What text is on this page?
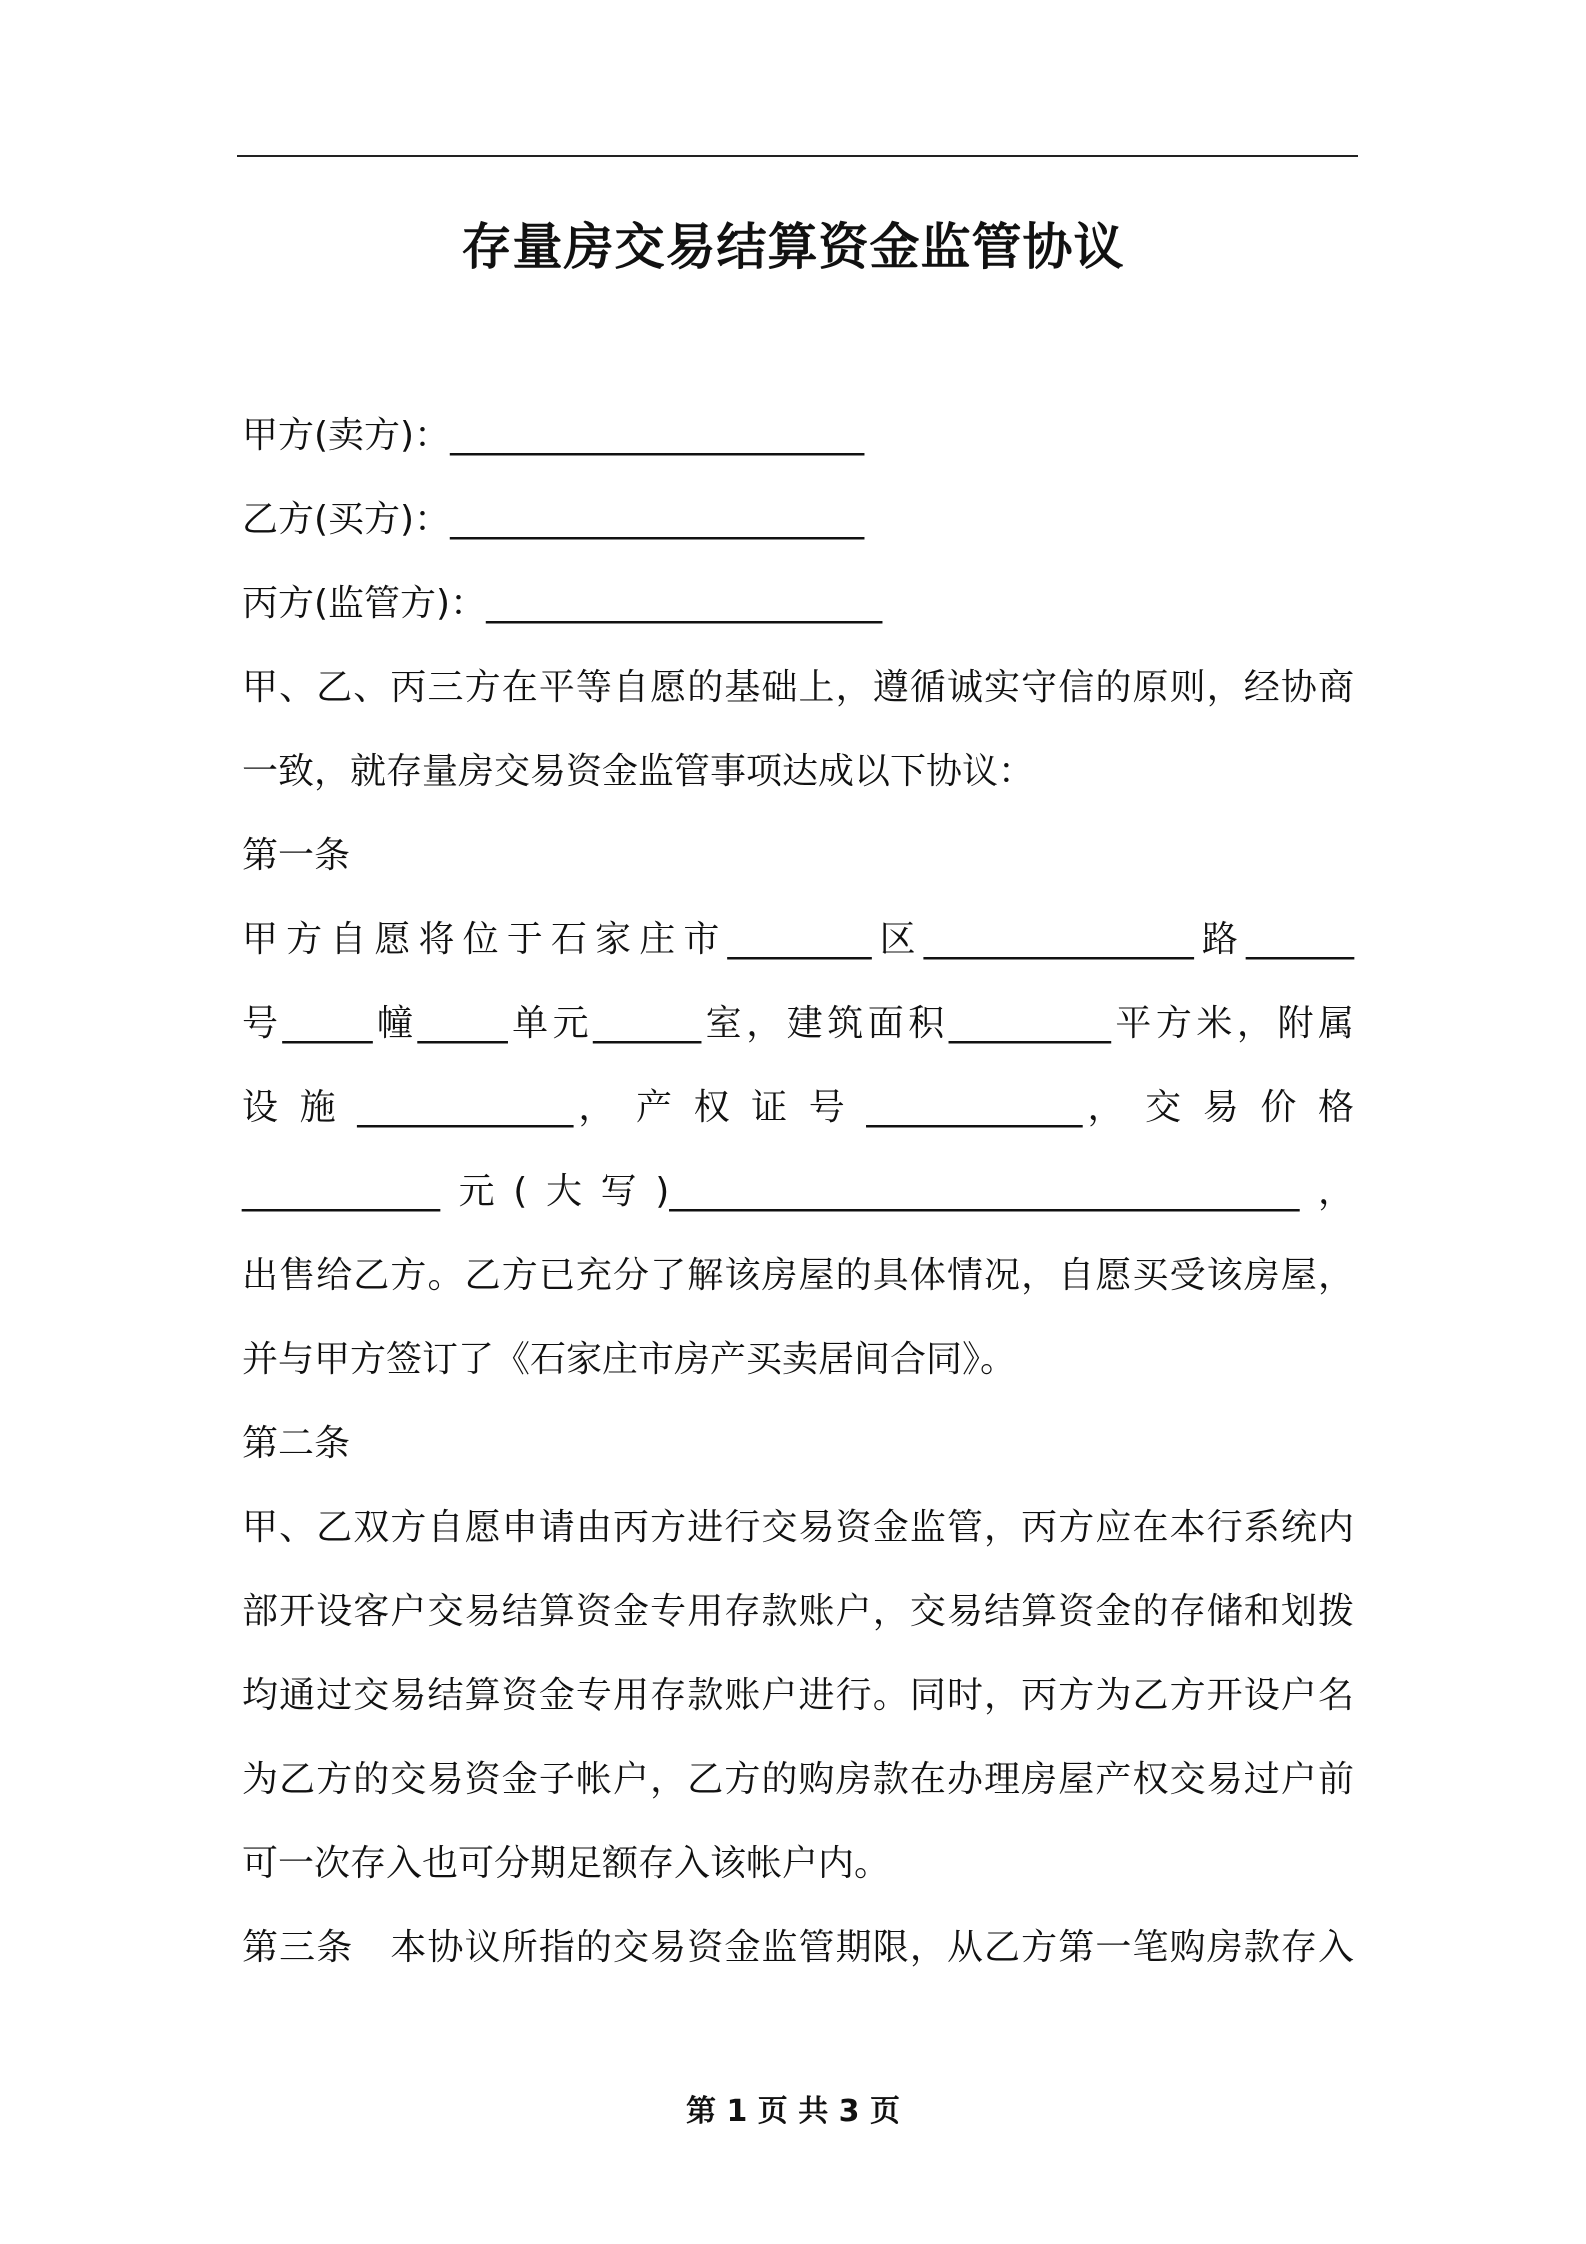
存量房交易结算资金监管协议

甲方(卖方)：_______________________

乙方(买方)：_______________________

丙方(监管方)：______________________

甲、乙、丙三方在平等自愿的基础上，遵循诚实守信的原则，经协商

一致，就存量房交易资金监管事项达成以下协议：

第一条

甲方自愿将位于石家庄市________区_______________路______

号_____幢_____单元______室，建筑面积_________平方米，附属

设 施 ____________， 产 权 证 号 ____________， 交 易 价 格

___________元(大写)___________________________________，

出售给乙方。乙方已充分了解该房屋的具体情况，自愿买受该房屋，

并与甲方签订了《石家庄市房产买卖居间合同》。

第二条

甲、乙双方自愿申请由丙方进行交易资金监管，丙方应在本行系统内

部开设客户交易结算资金专用存款账户，交易结算资金的存储和划拨

均通过交易结算资金专用存款账户进行。同时，丙方为乙方开设户名

为乙方的交易资金子帐户，乙方的购房款在办理房屋产权交易过户前

可一次存入也可分期足额存入该帐户内。

第三条　本协议所指的交易资金监管期限，从乙方第一笔购房款存入

第 1 页 共 3 页
